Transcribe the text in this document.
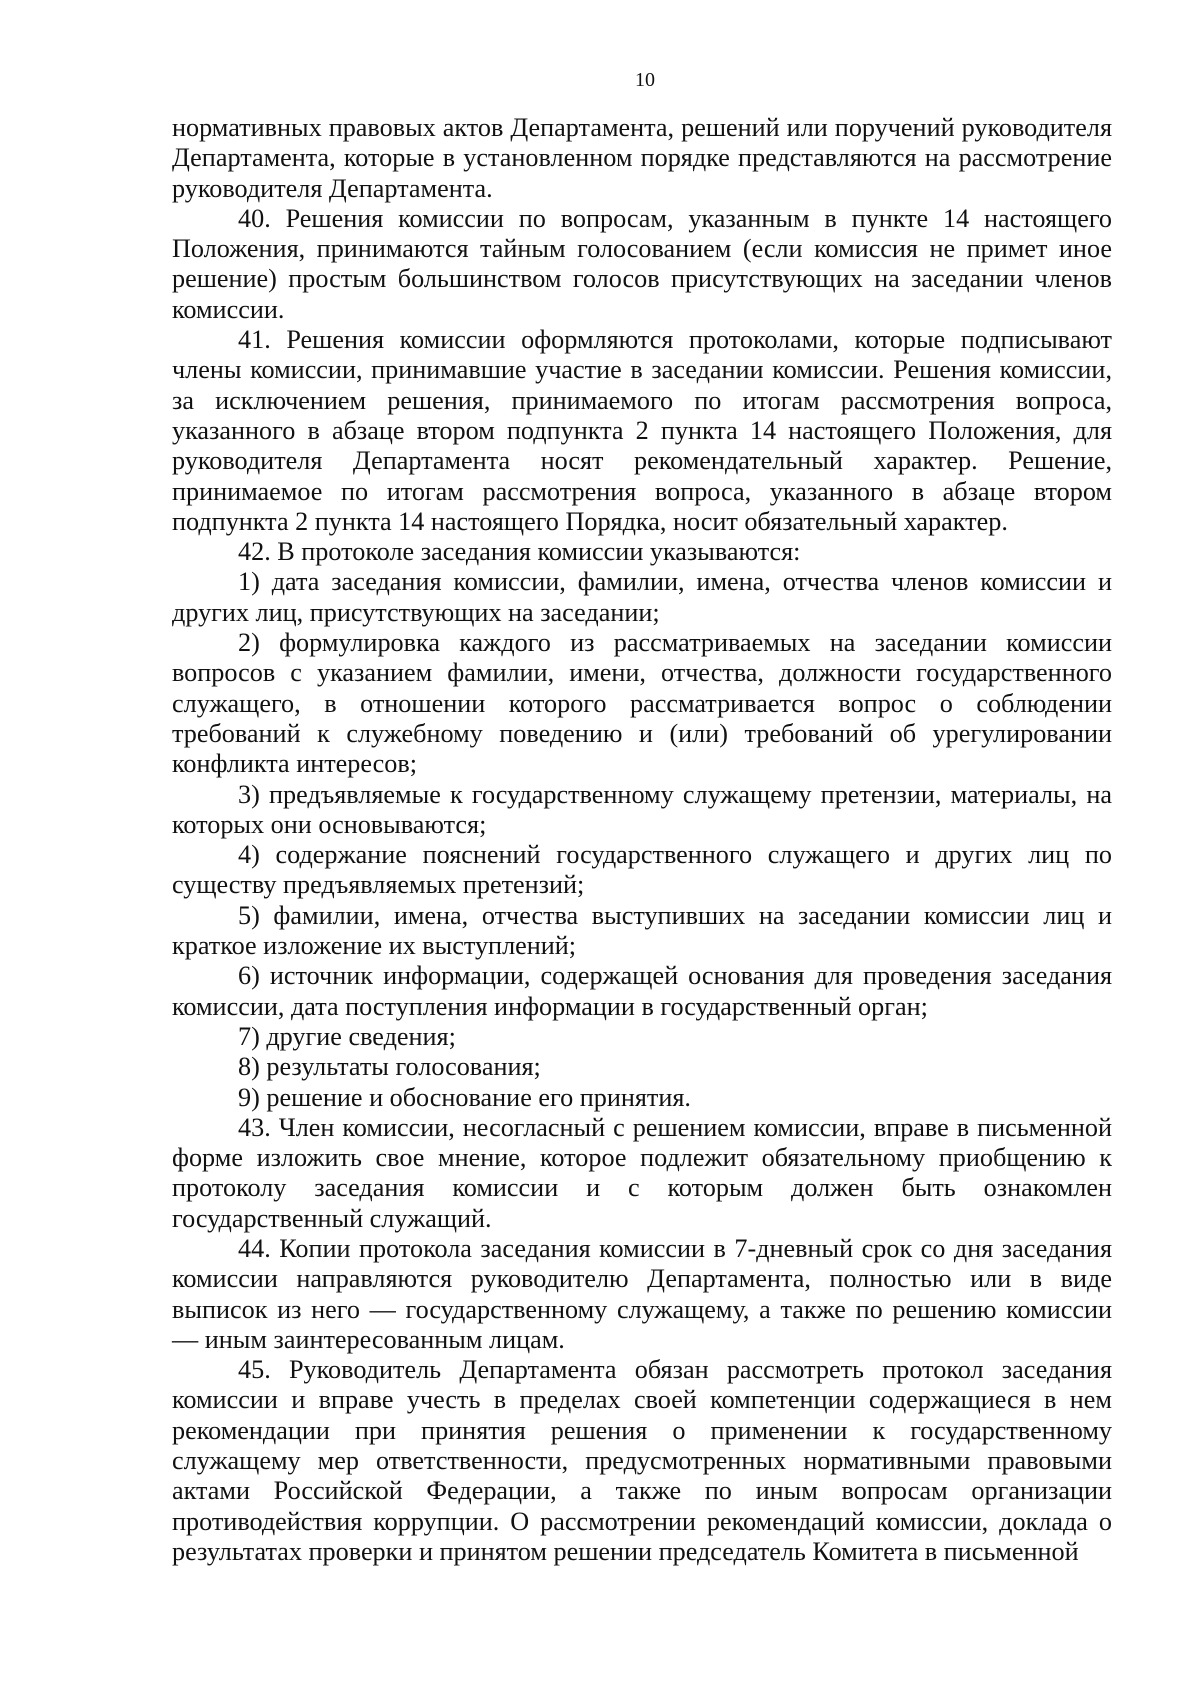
10

нормативных правовых актов Департамента, решений или поручений руководителя Департамента, которые в установленном порядке представляются на рассмотрение руководителя Департамента.

40. Решения комиссии по вопросам, указанным в пункте 14 настоящего Положения, принимаются тайным голосованием (если комиссия не примет иное решение) простым большинством голосов присутствующих на заседании членов комиссии.

41. Решения комиссии оформляются протоколами, которые подписывают члены комиссии, принимавшие участие в заседании комиссии. Решения комиссии, за исключением решения, принимаемого по итогам рассмотрения вопроса, указанного в абзаце втором подпункта 2 пункта 14 настоящего Положения, для руководителя Департамента носят рекомендательный характер. Решение, принимаемое по итогам рассмотрения вопроса, указанного в абзаце втором подпункта 2 пункта 14 настоящего Порядка, носит обязательный характер.

42. В протоколе заседания комиссии указываются:

1) дата заседания комиссии, фамилии, имена, отчества членов комиссии и других лиц, присутствующих на заседании;

2) формулировка каждого из рассматриваемых на заседании комиссии вопросов с указанием фамилии, имени, отчества, должности государственного служащего, в отношении которого рассматривается вопрос о соблюдении требований к служебному поведению и (или) требований об урегулировании конфликта интересов;

3) предъявляемые к государственному служащему претензии, материалы, на которых они основываются;

4) содержание пояснений государственного служащего и других лиц по существу предъявляемых претензий;

5) фамилии, имена, отчества выступивших на заседании комиссии лиц и краткое изложение их выступлений;

6) источник информации, содержащей основания для проведения заседания комиссии, дата поступления информации в государственный орган;

7) другие сведения;

8) результаты голосования;

9) решение и обоснование его принятия.

43. Член комиссии, несогласный с решением комиссии, вправе в письменной форме изложить свое мнение, которое подлежит обязательному приобщению к протоколу заседания комиссии и с которым должен быть ознакомлен государственный служащий.

44. Копии протокола заседания комиссии в 7-дневный срок со дня заседания комиссии направляются руководителю Департамента, полностью или в виде выписок из него — государственному служащему, а также по решению комиссии — иным заинтересованным лицам.

45. Руководитель Департамента обязан рассмотреть протокол заседания комиссии и вправе учесть в пределах своей компетенции содержащиеся в нем рекомендации при принятия решения о применении к государственному служащему мер ответственности, предусмотренных нормативными правовыми актами Российской Федерации, а также по иным вопросам организации противодействия коррупции. О рассмотрении рекомендаций комиссии, доклада о результатах проверки и принятом решении председатель Комитета в письменной
